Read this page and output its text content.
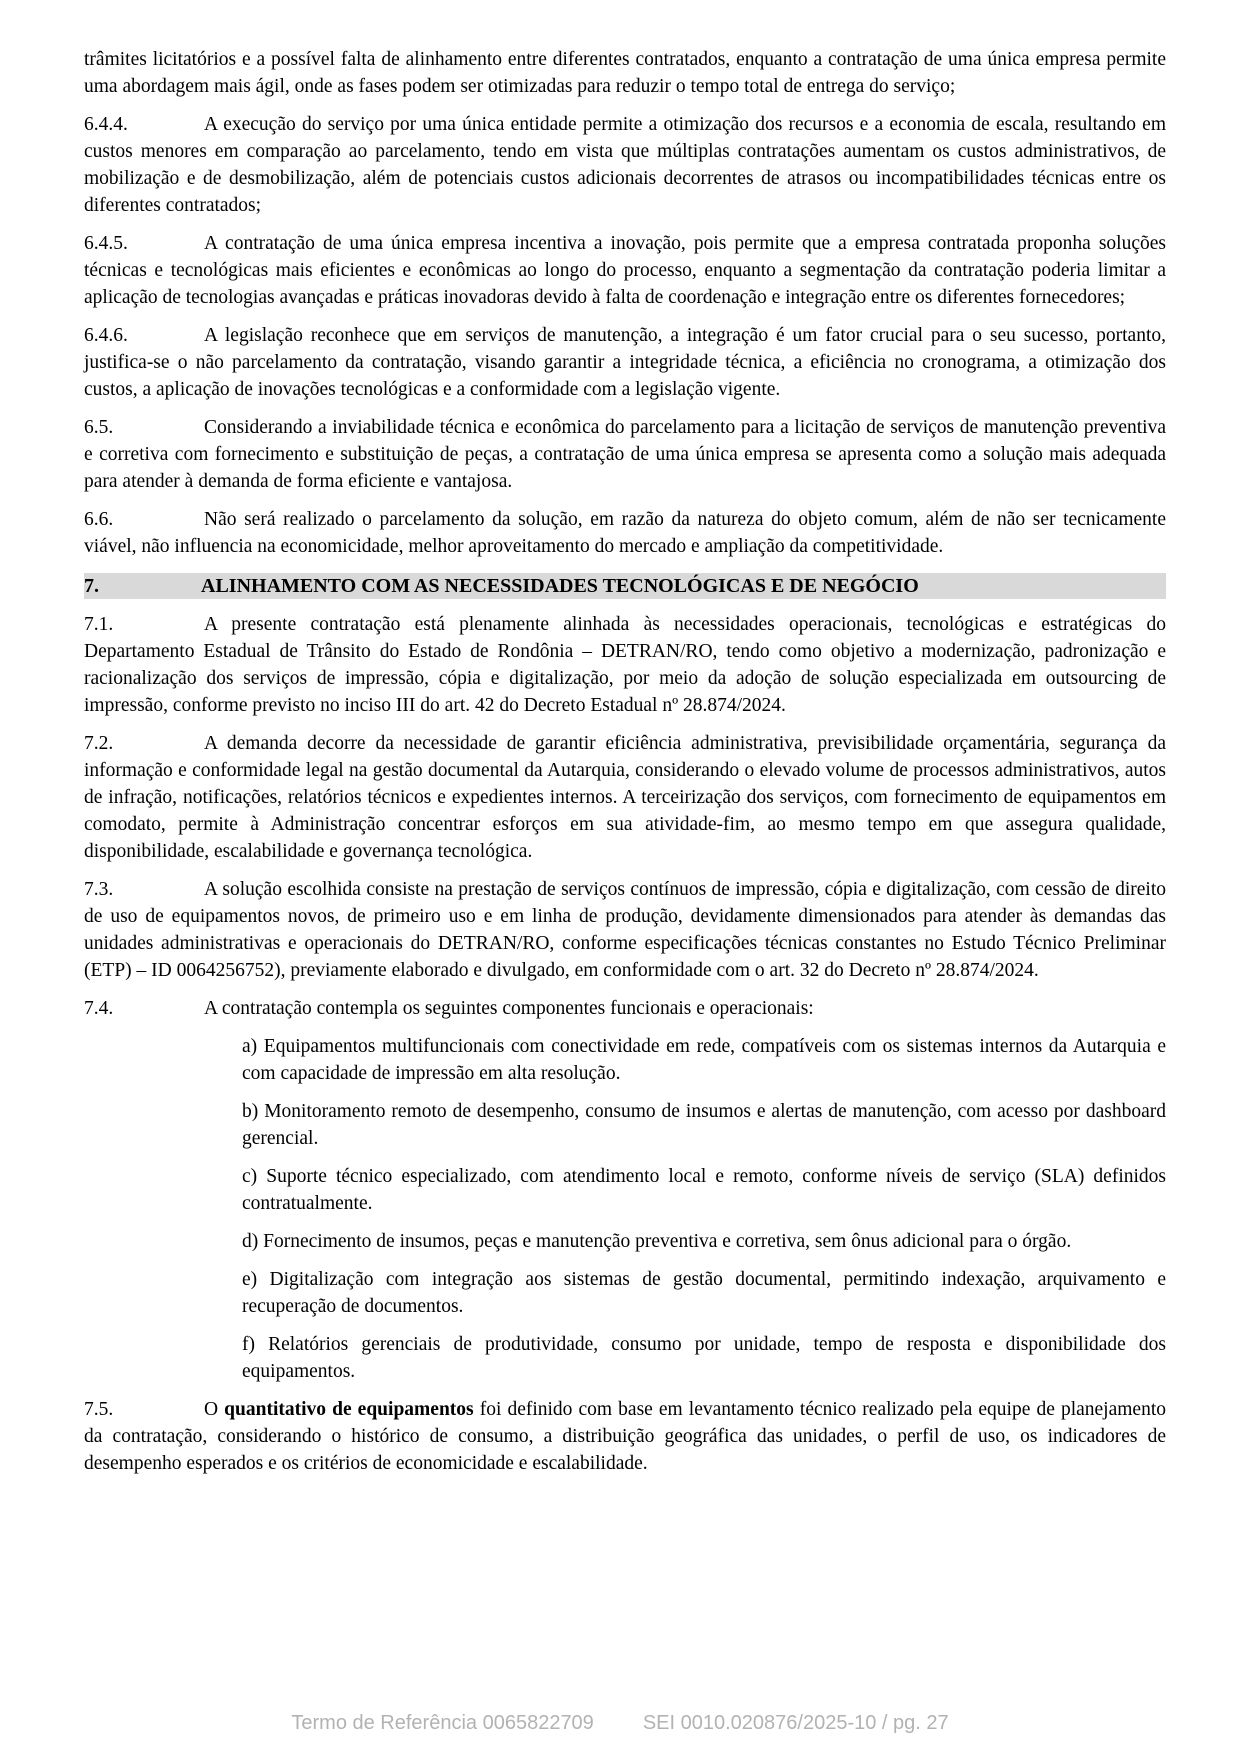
trâmites licitatórios e a possível falta de alinhamento entre diferentes contratados, enquanto a contratação de uma única empresa permite uma abordagem mais ágil, onde as fases podem ser otimizadas para reduzir o tempo total de entrega do serviço;

6.4.4.	A execução do serviço por uma única entidade permite a otimização dos recursos e a economia de escala, resultando em custos menores em comparação ao parcelamento, tendo em vista que múltiplas contratações aumentam os custos administrativos, de mobilização e de desmobilização, além de potenciais custos adicionais decorrentes de atrasos ou incompatibilidades técnicas entre os diferentes contratados;

6.4.5.	A contratação de uma única empresa incentiva a inovação, pois permite que a empresa contratada proponha soluções técnicas e tecnológicas mais eficientes e econômicas ao longo do processo, enquanto a segmentação da contratação poderia limitar a aplicação de tecnologias avançadas e práticas inovadoras devido à falta de coordenação e integração entre os diferentes fornecedores;

6.4.6.	A legislação reconhece que em serviços de manutenção, a integração é um fator crucial para o seu sucesso, portanto, justifica-se o não parcelamento da contratação, visando garantir a integridade técnica, a eficiência no cronograma, a otimização dos custos, a aplicação de inovações tecnológicas e a conformidade com a legislação vigente.

6.5.	Considerando a inviabilidade técnica e econômica do parcelamento para a licitação de serviços de manutenção preventiva e corretiva com fornecimento e substituição de peças, a contratação de uma única empresa se apresenta como a solução mais adequada para atender à demanda de forma eficiente e vantajosa.

6.6.	Não será realizado o parcelamento da solução, em razão da natureza do objeto comum, além de não ser tecnicamente viável, não influencia na economicidade, melhor aproveitamento do mercado e ampliação da competitividade.

7.	ALINHAMENTO COM AS NECESSIDADES TECNOLÓGICAS E DE NEGÓCIO

7.1.	A presente contratação está plenamente alinhada às necessidades operacionais, tecnológicas e estratégicas do Departamento Estadual de Trânsito do Estado de Rondônia – DETRAN/RO, tendo como objetivo a modernização, padronização e racionalização dos serviços de impressão, cópia e digitalização, por meio da adoção de solução especializada em outsourcing de impressão, conforme previsto no inciso III do art. 42 do Decreto Estadual nº 28.874/2024.

7.2.	A demanda decorre da necessidade de garantir eficiência administrativa, previsibilidade orçamentária, segurança da informação e conformidade legal na gestão documental da Autarquia, considerando o elevado volume de processos administrativos, autos de infração, notificações, relatórios técnicos e expedientes internos. A terceirização dos serviços, com fornecimento de equipamentos em comodato, permite à Administração concentrar esforços em sua atividade-fim, ao mesmo tempo em que assegura qualidade, disponibilidade, escalabilidade e governança tecnológica.

7.3.	A solução escolhida consiste na prestação de serviços contínuos de impressão, cópia e digitalização, com cessão de direito de uso de equipamentos novos, de primeiro uso e em linha de produção, devidamente dimensionados para atender às demandas das unidades administrativas e operacionais do DETRAN/RO, conforme especificações técnicas constantes no Estudo Técnico Preliminar (ETP) – ID 0064256752), previamente elaborado e divulgado, em conformidade com o art. 32 do Decreto nº 28.874/2024.

7.4.	A contratação contempla os seguintes componentes funcionais e operacionais:

a) Equipamentos multifuncionais com conectividade em rede, compatíveis com os sistemas internos da Autarquia e com capacidade de impressão em alta resolução.

b) Monitoramento remoto de desempenho, consumo de insumos e alertas de manutenção, com acesso por dashboard gerencial.

c) Suporte técnico especializado, com atendimento local e remoto, conforme níveis de serviço (SLA) definidos contratualmente.

d) Fornecimento de insumos, peças e manutenção preventiva e corretiva, sem ônus adicional para o órgão.

e) Digitalização com integração aos sistemas de gestão documental, permitindo indexação, arquivamento e recuperação de documentos.

f) Relatórios gerenciais de produtividade, consumo por unidade, tempo de resposta e disponibilidade dos equipamentos.

7.5.	O quantitativo de equipamentos foi definido com base em levantamento técnico realizado pela equipe de planejamento da contratação, considerando o histórico de consumo, a distribuição geográfica das unidades, o perfil de uso, os indicadores de desempenho esperados e os critérios de economicidade e escalabilidade.

Termo de Referência 0065822709 SEI 0010.020876/2025-10 / pg. 27
